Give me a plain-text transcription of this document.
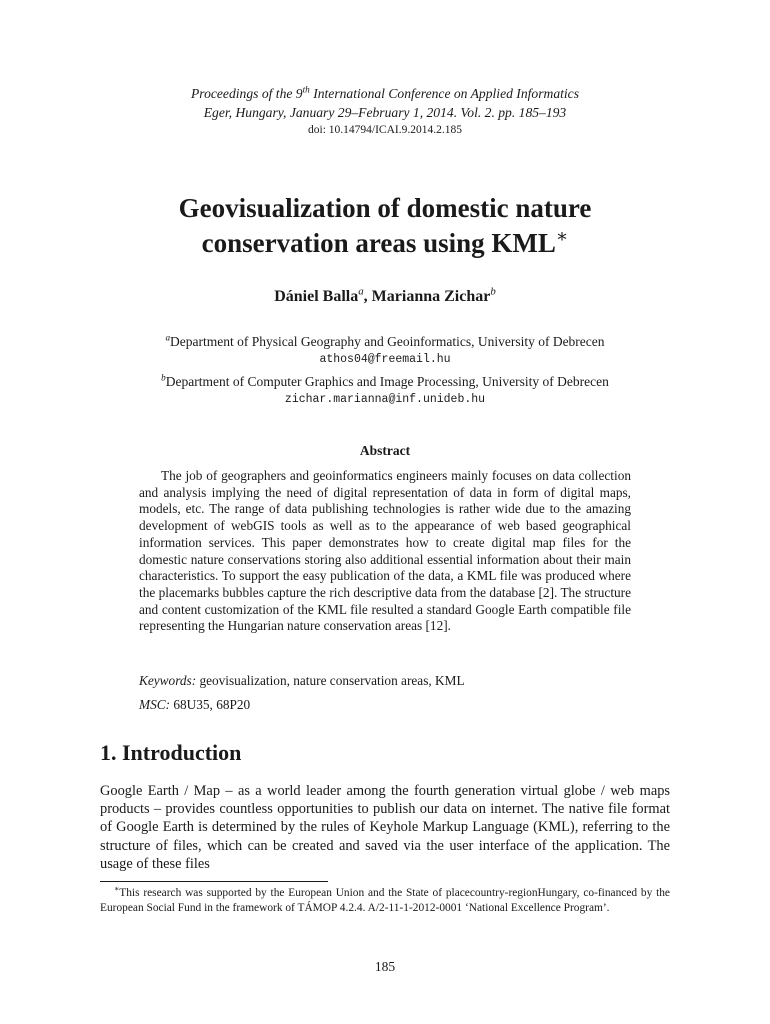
Proceedings of the 9th International Conference on Applied Informatics
Eger, Hungary, January 29–February 1, 2014. Vol. 2. pp. 185–193
doi: 10.14794/ICAI.9.2014.2.185
Geovisualization of domestic nature
conservation areas using KML∗
Dániel Balla$^a$, Marianna Zichar$^b$
$^a$Department of Physical Geography and Geoinformatics, University of Debrecen
athos04@freemail.hu
$^b$Department of Computer Graphics and Image Processing, University of Debrecen
zichar.marianna@inf.unideb.hu
Abstract
The job of geographers and geoinformatics engineers mainly focuses on data collection and analysis implying the need of digital representation of data in form of digital maps, models, etc. The range of data publishing technologies is rather wide due to the amazing development of webGIS tools as well as to the appearance of web based geographical information services. This paper demonstrates how to create digital map files for the domestic nature conservations storing also additional essential information about their main characteristics. To support the easy publication of the data, a KML file was produced where the placemarks bubbles capture the rich descriptive data from the database [2]. The structure and content customization of the KML file resulted a standard Google Earth compatible file representing the Hungarian nature conservation areas [12].
Keywords: geovisualization, nature conservation areas, KML
MSC: 68U35, 68P20
1. Introduction
Google Earth / Map – as a world leader among the fourth generation virtual globe / web maps products – provides countless opportunities to publish our data on internet. The native file format of Google Earth is determined by the rules of Keyhole Markup Language (KML), referring to the structure of files, which can be created and saved via the user interface of the application. The usage of these files
∗This research was supported by the European Union and the State of placecountry-regionHungary, co-financed by the European Social Fund in the framework of TÁMOP 4.2.4. A/2-11-1-2012-0001 ‘National Excellence Program’.
185
